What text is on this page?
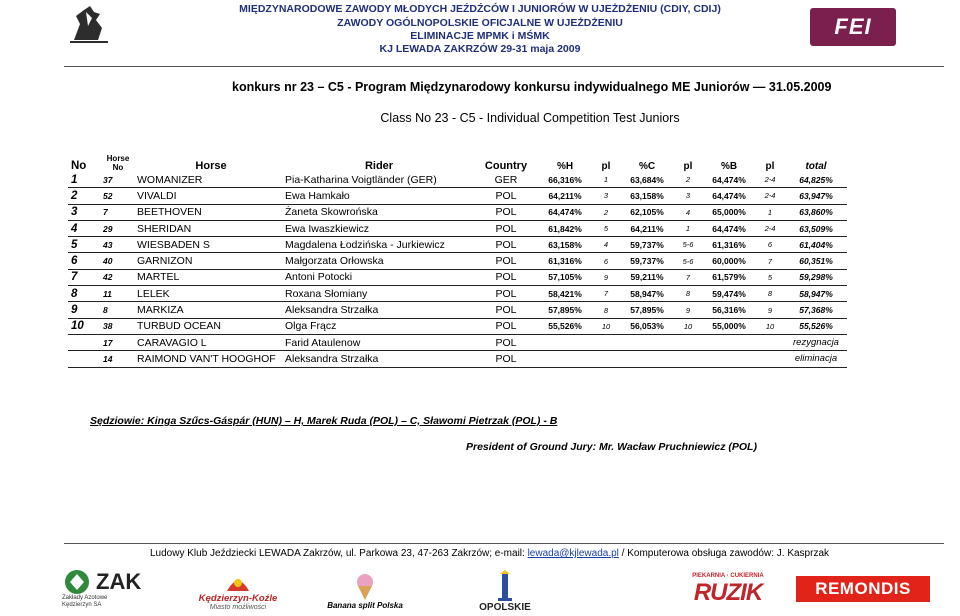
MIĘDZYNARODOWE ZAWODY MŁODYCH JEŹDŹCÓW I JUNIORÓW W UJEŻDŻENIU (CDIY, CDIJ)
ZAWODY OGÓLNOPOLSKIE OFICJALNE W UJEŻDŻENIU
ELIMINACJE MPMK i MŚMK
KJ LEWADA ZAKRZÓW 29-31 maja 2009
FEI
konkurs nr 23 – C5 - Program Międzynarodowy konkursu indywidualnego ME Juniorów — 31.05.2009
Class No 23 - C5 - Individual Competition Test Juniors
No	Horse No	Horse	Rider	Country	%H	pl	%C	pl	%B	pl	total
1	37	WOMANIZER	Pia-Katharina Voigtländer (GER)	GER	66,316%	1	63,684%	2	64,474%	2-4	64,825%
2	52	VIVALDI	Ewa Hamkało	POL	64,211%	3	63,158%	3	64,474%	2-4	63,947%
3	7	BEETHOVEN	Żaneta Skowrońska	POL	64,474%	2	62,105%	4	65,000%	1	63,860%
4	29	SHERIDAN	Ewa Iwaszkiewicz	POL	61,842%	5	64,211%	1	64,474%	2-4	63,509%
5	43	WIESBADEN S	Magdalena Łodzińska - Jurkiewicz	POL	63,158%	4	59,737%	5-6	61,316%	6	61,404%
6	40	GARNIZON	Małgorzata Orłowska	POL	61,316%	6	59,737%	5-6	60,000%	7	60,351%
7	42	MARTEL	Antoni Potocki	POL	57,105%	9	59,211%	7	61,579%	5	59,298%
8	11	LELEK	Roxana Słomiany	POL	58,421%	7	58,947%	8	59,474%	8	58,947%
9	8	MARKIZA	Aleksandra Strzałka	POL	57,895%	8	57,895%	9	56,316%	9	57,368%
10	38	TURBUD OCEAN	Olga Frącz	POL	55,526%	10	56,053%	10	55,000%	10	55,526%
	17	CARAVAGIO L	Farid Ataulenow	POL							rezygnacja
	14	RAIMOND VAN'T HOOGHOF	Aleksandra Strzałka	POL							eliminacja
Sędziowie: Kinga Szűcs-Gáspár (HUN) – H, Marek Ruda (POL) – C, Sławomi Pietrzak (POL) - B
President of Ground Jury: Mr. Wacław Pruchniewicz (POL)
Ludowy Klub Jeździecki LEWADA Zakrzów, ul. Parkowa 23, 47-263 Zakrzów; e-mail: lewada@kjlewada.pl / Komputerowa obsługa zawodów: J. Kasprzak
ZAK
Zakłady Azotowe Kędzierzyn SA
Kędzierzyn-Koźle
Miasto możliwości	Banana split Polska	OPOLSKIE
PIEKARNIA · CUKIERNIA
RUZIK	REMONDIS
